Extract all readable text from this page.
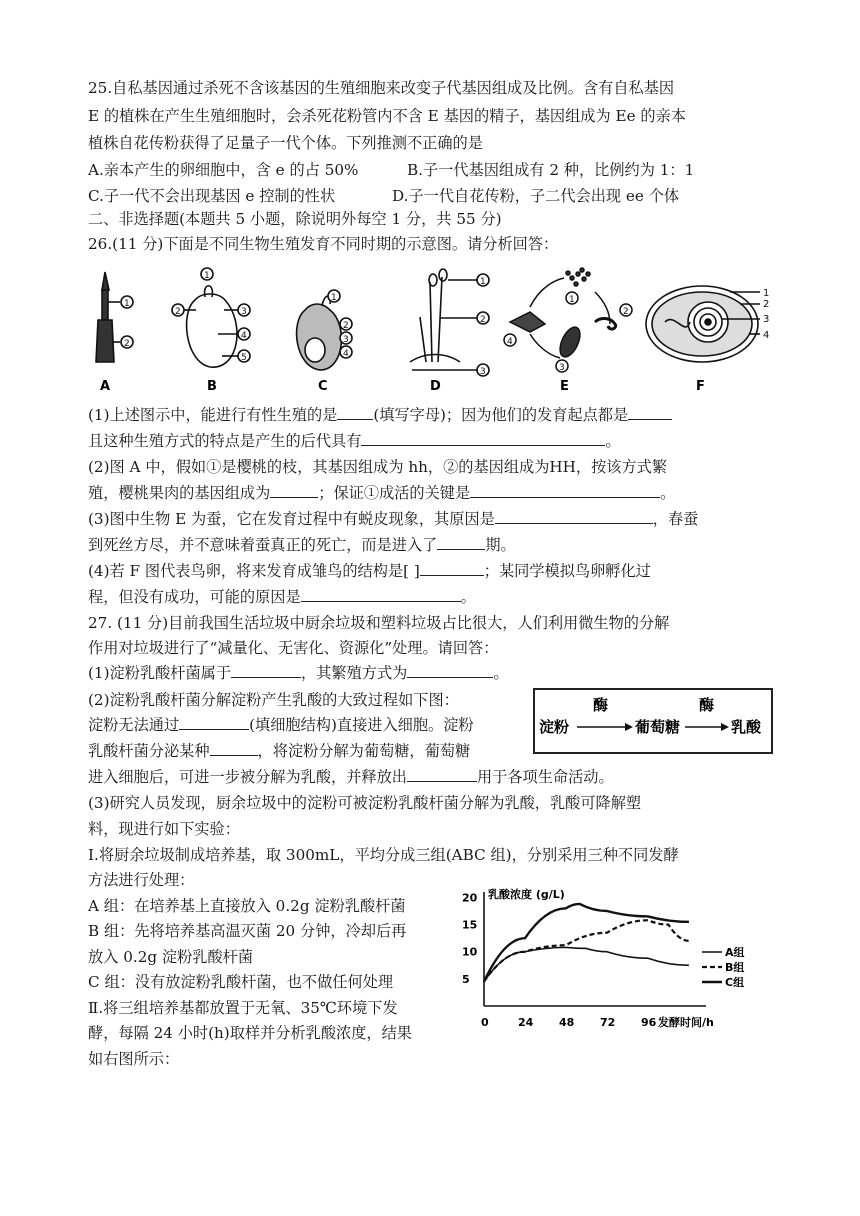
25.自私基因通过杀死不含该基因的生殖细胞来改变子代基因组成及比例。含有自私基因
E 的植株在产生生殖细胞时，会杀死花粉管内不含 E 基因的精子，基因组成为 Ee 的亲本
植株自花传粉获得了足量子一代个体。下列推测不正确的是
A.亲本产生的卵细胞中，含 e 的占 50%	B.子一代基因组成有 2 种，比例约为 1：1
C.子一代不会出现基因 e 控制的性状	D.子一代自花传粉，子二代会出现 ee 个体
二、非选择题(本题共 5 小题，除说明外每空 1 分，共 55 分)
26.(11 分)下面是不同生物生殖发育不同时期的示意图。请分析回答：
1
2
A
1
2	3
4
5
B
1
2
3
4
C
1
2
3
D
1
2
3
4
E
1
2
3
4
F
(1)上述图示中，能进行有性生殖的是 (填写字母)；因为他们的发育起点都是
且这种生殖方式的特点是产生的后代具有	。
(2)图 A 中，假如①是樱桃的枝，其基因组成为 hh，②的基因组成为HH，按该方式繁
殖，樱桃果肉的基因组成为	；保证①成活的关键是	。
(3)图中生物 E 为蚕，它在发育过程中有蜕皮现象，其原因是	，春蚕
到死丝方尽，并不意味着蚕真正的死亡，而是进入了	期。
(4)若 F 图代表鸟卵，将来发育成雏鸟的结构是[ ]	；某同学模拟鸟卵孵化过
程，但没有成功，可能的原因是	。
27. (11 分)目前我国生活垃圾中厨余垃圾和塑料垃圾占比很大，人们利用微生物的分解
作用对垃圾进行了“减量化、无害化、资源化”处理。请回答：
(1)淀粉乳酸杆菌属于	，其繁殖方式为	。
(2)淀粉乳酸杆菌分解淀粉产生乳酸的大致过程如下图：
淀粉无法通过	(填细胞结构)直接进入细胞。淀粉
乳酸杆菌分泌某种	，将淀粉分解为葡萄糖，葡萄糖
进入细胞后，可进一步被分解为乳酸，并释放出	用于各项生命活动。
淀粉
酶
葡萄糖
酶
乳酸
(3)研究人员发现，厨余垃圾中的淀粉可被淀粉乳酸杆菌分解为乳酸，乳酸可降解塑
料，现进行如下实验：
Ⅰ.将厨余垃圾制成培养基，取 300mL，平均分成三组(ABC 组)，分别采用三种不同发酵
方法进行处理：
A 组：在培养基上直接放入 0.2g 淀粉乳酸杆菌
B 组：先将培养基高温灭菌 20 分钟，冷却后再
放入 0.2g 淀粉乳酸杆菌
C 组：没有放淀粉乳酸杆菌，也不做任何处理
Ⅱ.将三组培养基都放置于无氧、35℃环境下发
酵，每隔 24 小时(h)取样并分析乳酸浓度，结果
如右图所示：
乳酸浓度 (g/L)
发酵时间/h
0	24 48 72 96
5
10
15
20
A组
B组
C组
